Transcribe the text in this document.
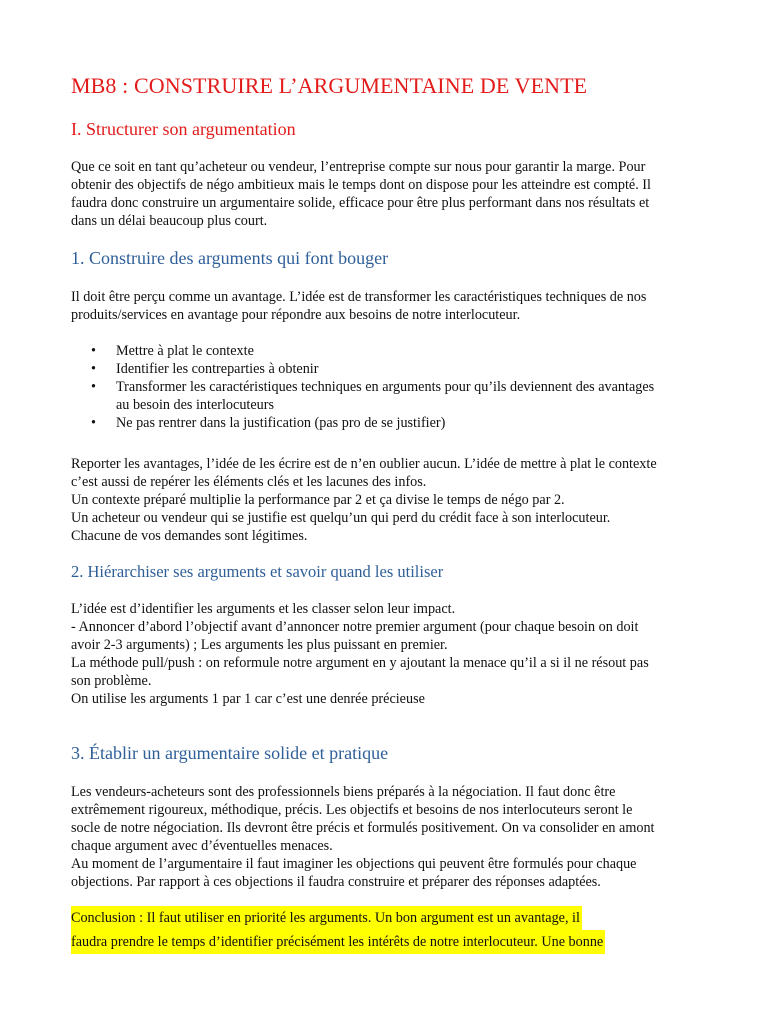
MB8 : CONSTRUIRE L’ARGUMENTAINE DE VENTE
I. Structurer son argumentation

Que ce soit en tant qu’acheteur ou vendeur, l’entreprise compte sur nous pour garantir la marge. Pour
obtenir des objectifs de négo ambitieux mais le temps dont on dispose pour les atteindre est compté. Il
faudra donc construire un argumentaire solide, efficace pour être plus performant dans nos résultats et
dans un délai beaucoup plus court.

1. Construire des arguments qui font bouger

Il doit être perçu comme un avantage. L’idée est de transformer les caractéristiques techniques de nos
produits/services en avantage pour répondre aux besoins de notre interlocuteur.

• Mettre à plat le contexte
• Identifier les contreparties à obtenir
• Transformer les caractéristiques techniques en arguments pour qu’ils deviennent des avantages
au besoin des interlocuteurs
• Ne pas rentrer dans la justification (pas pro de se justifier)

Reporter les avantages, l’idée de les écrire est de n’en oublier aucun. L’idée de mettre à plat le contexte
c’est aussi de repérer les éléments clés et les lacunes des infos.
Un contexte préparé multiplie la performance par 2 et ça divise le temps de négo par 2.
Un acheteur ou vendeur qui se justifie est quelqu’un qui perd du crédit face à son interlocuteur.
Chacune de vos demandes sont légitimes.

2. Hiérarchiser ses arguments et savoir quand les utiliser

L’idée est d’identifier les arguments et les classer selon leur impact.
- Annoncer d’abord l’objectif avant d’annoncer notre premier argument (pour chaque besoin on doit
avoir 2-3 arguments) ; Les arguments les plus puissant en premier.
La méthode pull/push : on reformule notre argument en y ajoutant la menace qu’il a si il ne résout pas
son problème.
On utilise les arguments 1 par 1 car c’est une denrée précieuse

3. Établir un argumentaire solide et pratique

Les vendeurs-acheteurs sont des professionnels biens préparés à la négociation. Il faut donc être
extrêmement rigoureux, méthodique, précis. Les objectifs et besoins de nos interlocuteurs seront le
socle de notre négociation. Ils devront être précis et formulés positivement. On va consolider en amont
chaque argument avec d’éventuelles menaces.
Au moment de l’argumentaire il faut imaginer les objections qui peuvent être formulés pour chaque
objections. Par rapport à ces objections il faudra construire et préparer des réponses adaptées.

Conclusion : Il faut utiliser en priorité les arguments. Un bon argument est un avantage, il
faudra prendre le temps d’identifier précisément les intérêts de notre interlocuteur. Une bonne
